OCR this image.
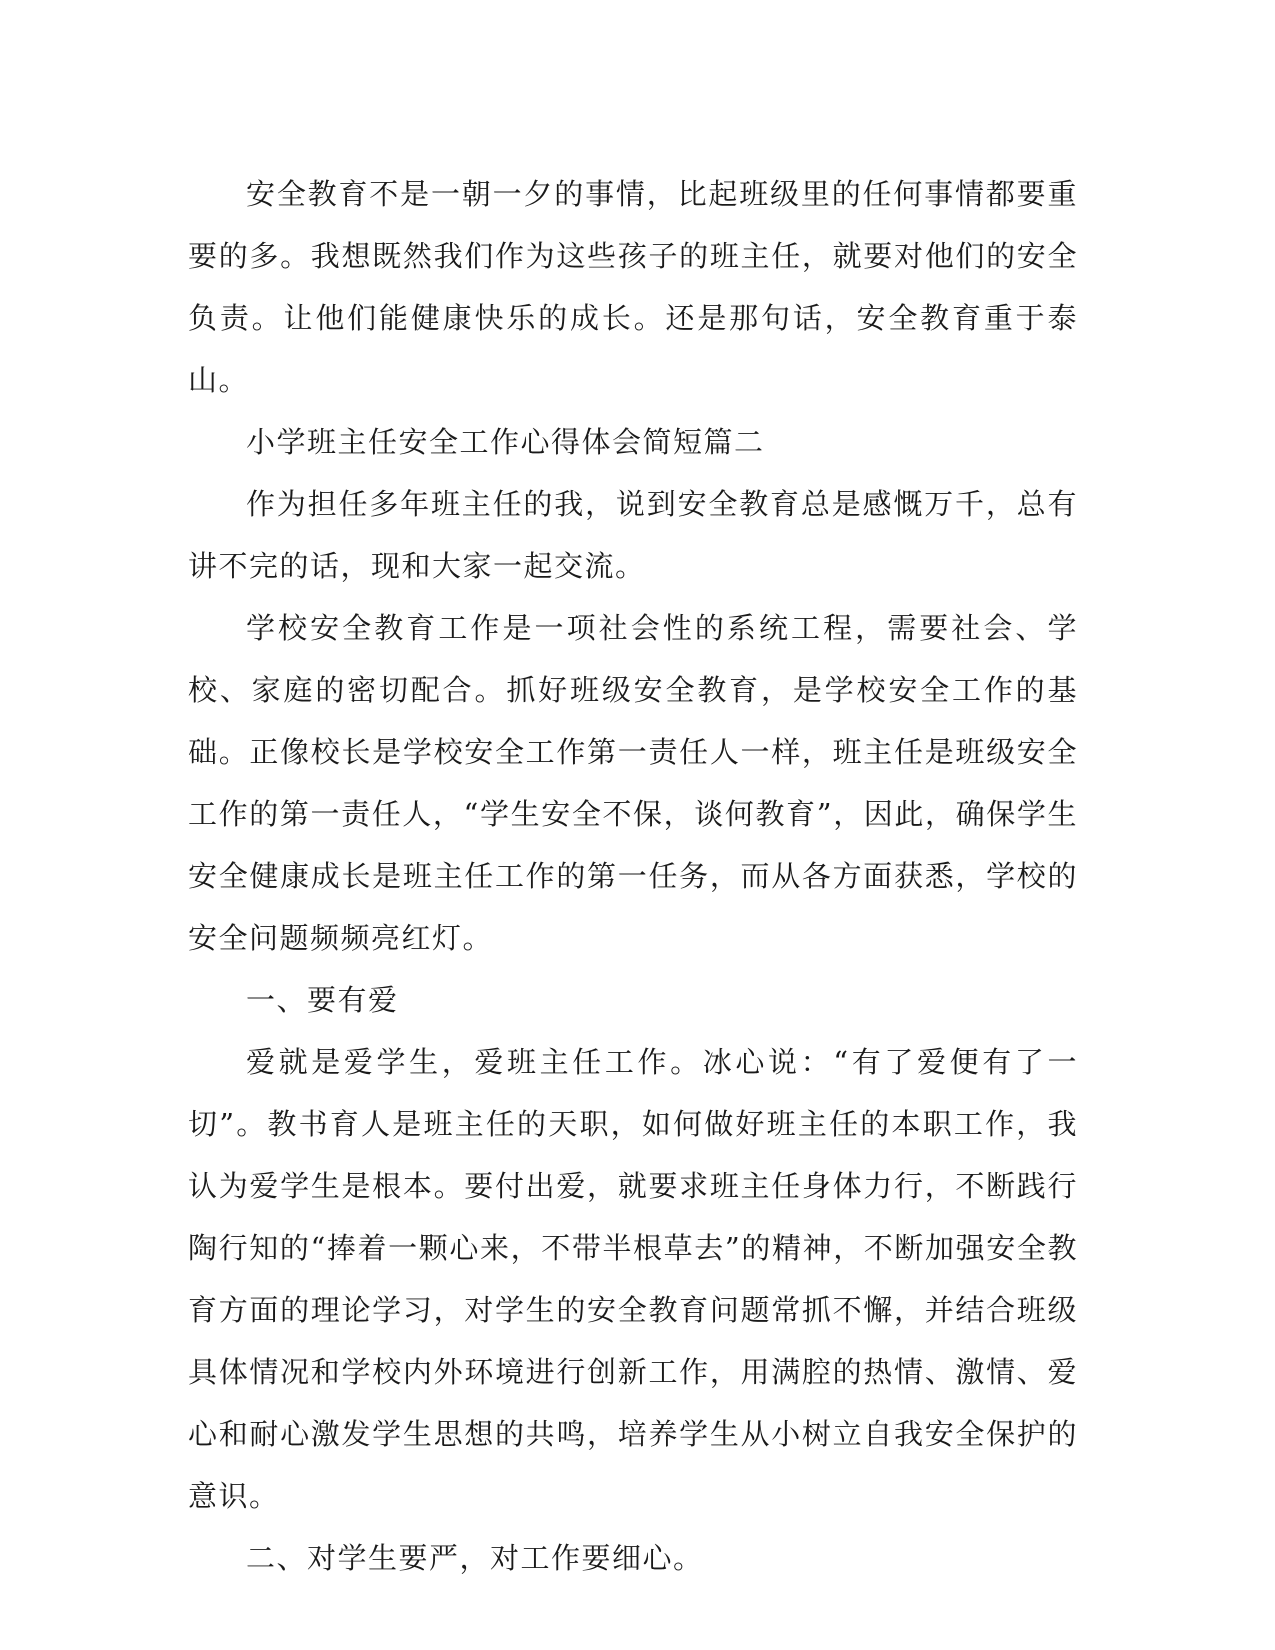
安全教育不是一朝一夕的事情，比起班级里的任何事情都要重要的多。我想既然我们作为这些孩子的班主任，就要对他们的安全负责。让他们能健康快乐的成长。还是那句话，安全教育重于泰山。

小学班主任安全工作心得体会简短篇二

作为担任多年班主任的我，说到安全教育总是感慨万千，总有讲不完的话，现和大家一起交流。

学校安全教育工作是一项社会性的系统工程，需要社会、学校、家庭的密切配合。抓好班级安全教育，是学校安全工作的基础。正像校长是学校安全工作第一责任人一样，班主任是班级安全工作的第一责任人，“学生安全不保，谈何教育”，因此，确保学生安全健康成长是班主任工作的第一任务，而从各方面获悉，学校的安全问题频频亮红灯。

一、要有爱

爱就是爱学生，爱班主任工作。冰心说：“有了爱便有了一切”。教书育人是班主任的天职，如何做好班主任的本职工作，我认为爱学生是根本。要付出爱，就要求班主任身体力行，不断践行陶行知的“捧着一颗心来，不带半根草去”的精神，不断加强安全教育方面的理论学习，对学生的安全教育问题常抓不懈，并结合班级具体情况和学校内外环境进行创新工作，用满腔的热情、激情、爱心和耐心激发学生思想的共鸣，培养学生从小树立自我安全保护的意识。

二、对学生要严，对工作要细心。
